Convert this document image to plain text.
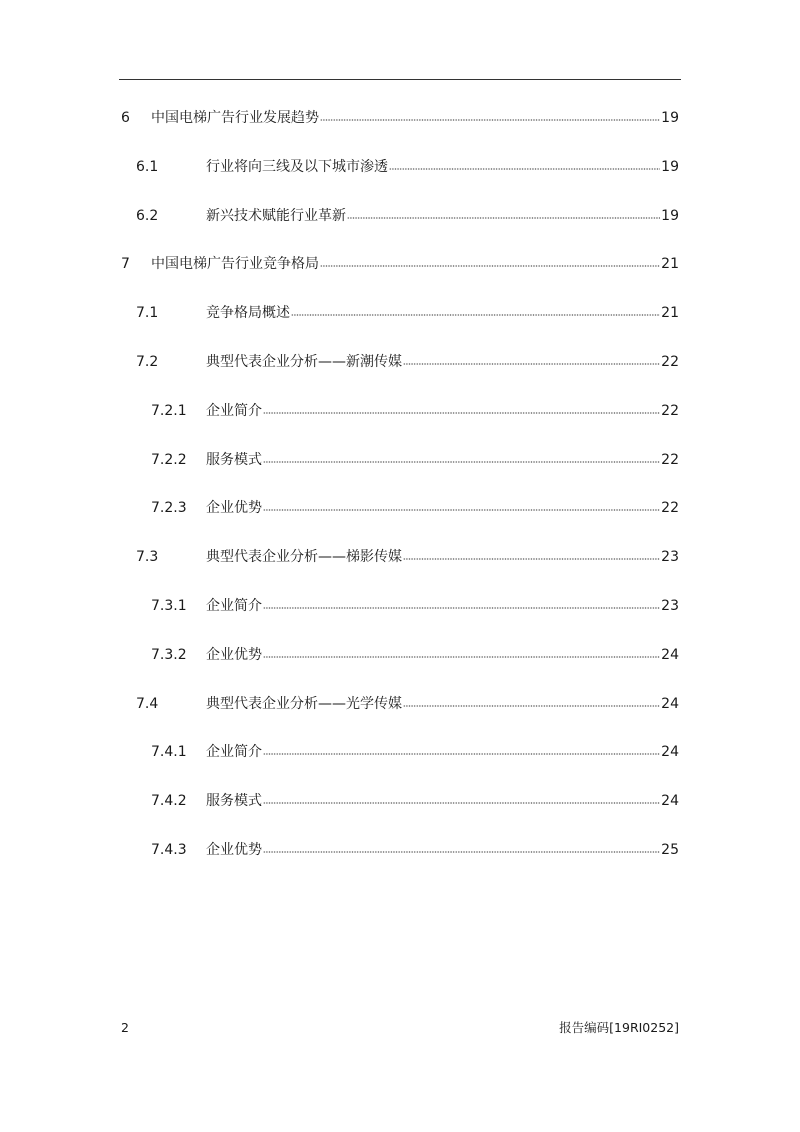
6 中国电梯广告行业发展趋势	19
6.1	行业将向三线及以下城市渗透	19
6.2	新兴技术赋能行业革新	19
7 中国电梯广告行业竞争格局	21
7.1	竞争格局概述	21
7.2	典型代表企业分析——新潮传媒	22
7.2.1 企业简介	22
7.2.2 服务模式	22
7.2.3 企业优势	22
7.3	典型代表企业分析——梯影传媒	23
7.3.1 企业简介	23
7.3.2 企业优势	24
7.4	典型代表企业分析——光学传媒	24
7.4.1 企业简介	24
7.4.2 服务模式	24
7.4.3 企业优势	25
2	报告编码[19RI0252]
